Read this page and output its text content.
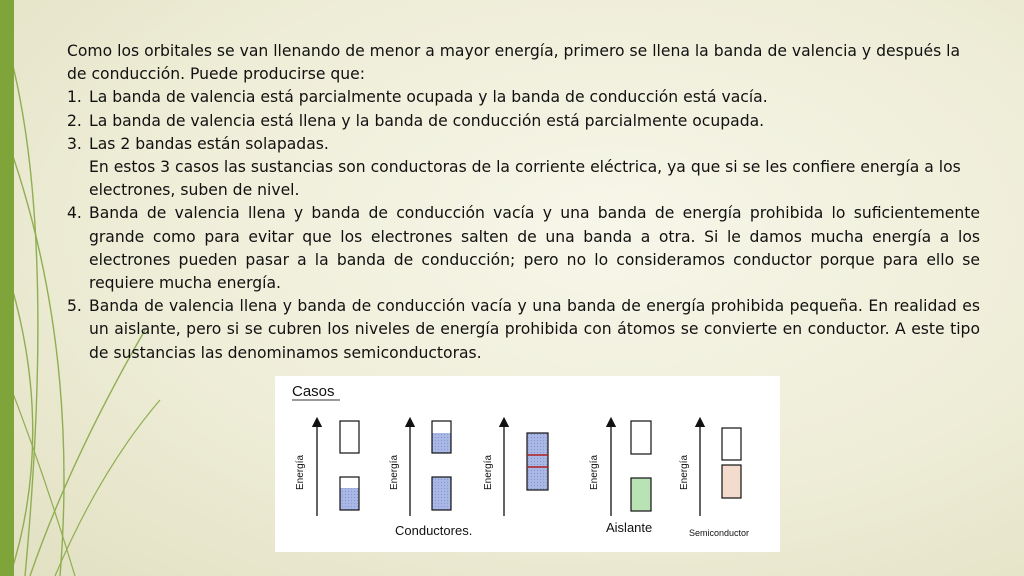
Como los orbitales se van llenando de menor a mayor energía, primero se llena la banda de valencia y después la de conducción. Puede producirse que:
1. La banda de valencia está parcialmente ocupada y la banda de conducción está vacía.
2. La banda de valencia está llena y la banda de conducción está parcialmente ocupada.
3. Las 2 bandas están solapadas.
En estos 3 casos las sustancias son conductoras de la corriente eléctrica, ya que si se les confiere energía a los electrones, suben de nivel.
4. Banda de valencia llena y banda de conducción vacía y una banda de energía prohibida lo suficientemente grande como para evitar que los electrones salten de una banda a otra. Si le damos mucha energía a los electrones pueden pasar a la banda de conducción; pero no lo consideramos conductor porque para ello se requiere mucha energía.
5. Banda de valencia llena y banda de conducción vacía y una banda de energía prohibida pequeña. En realidad es un aislante, pero si se cubren los niveles de energía prohibida con átomos se convierte en conductor. A este tipo de sustancias las denominamos semiconductoras.
Casos
Energía	Energía	Energía	Energía	Energía
Conductores.	Aislante	Semiconductor
